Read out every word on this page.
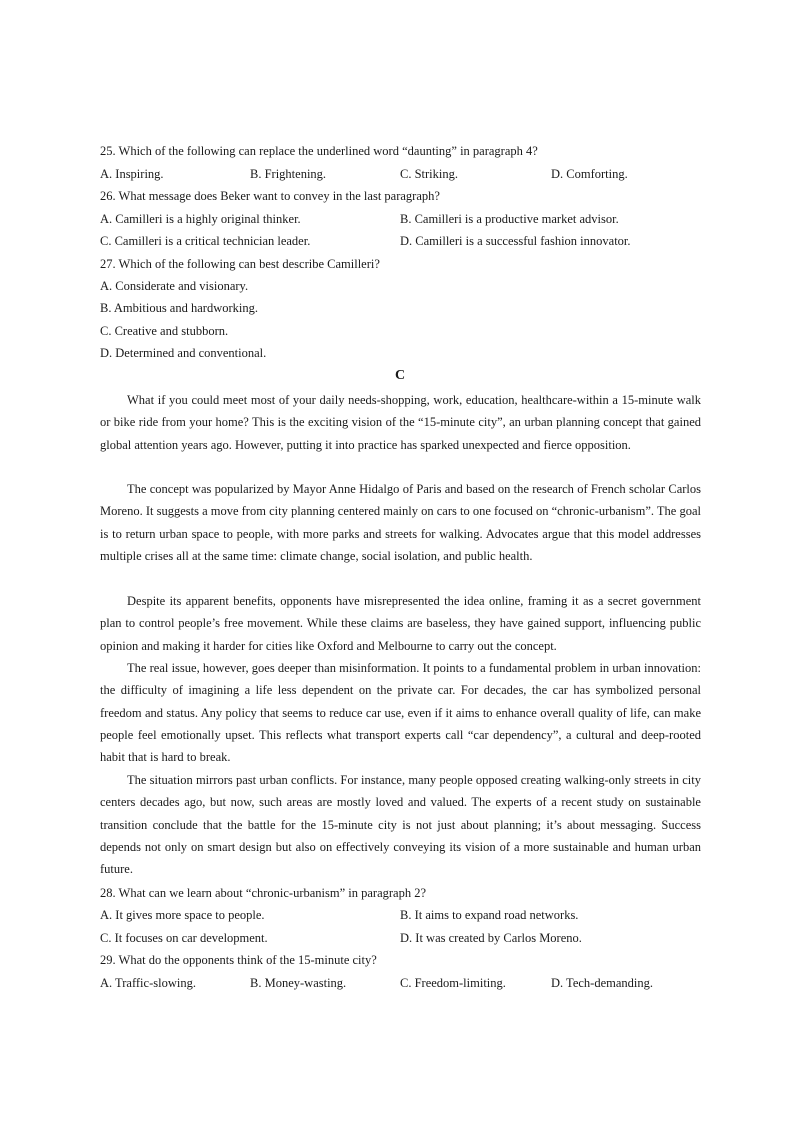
25. Which of the following can replace the underlined word “daunting” in paragraph 4?
A. Inspiring.	B. Frightening.	C. Striking.	D. Comforting.
26. What message does Beker want to convey in the last paragraph?
A. Camilleri is a highly original thinker.	B. Camilleri is a productive market advisor.
C. Camilleri is a critical technician leader.	D. Camilleri is a successful fashion innovator.
27. Which of the following can best describe Camilleri?
A. Considerate and visionary.
B. Ambitious and hardworking.
C. Creative and stubborn.
D. Determined and conventional.
C

What if you could meet most of your daily needs-shopping, work, education, healthcare-within a 15-minute walk or bike ride from your home? This is the exciting vision of the “15-minute city”, an urban planning concept that gained global attention years ago. However, putting it into practice has sparked unexpected and fierce opposition.

The concept was popularized by Mayor Anne Hidalgo of Paris and based on the research of French scholar Carlos Moreno. It suggests a move from city planning centered mainly on cars to one focused on “chronic-urbanism”. The goal is to return urban space to people, with more parks and streets for walking. Advocates argue that this model addresses multiple crises all at the same time: climate change, social isolation, and public health.

Despite its apparent benefits, opponents have misrepresented the idea online, framing it as a secret government plan to control people’s free movement. While these claims are baseless, they have gained support, influencing public opinion and making it harder for cities like Oxford and Melbourne to carry out the concept.

The real issue, however, goes deeper than misinformation. It points to a fundamental problem in urban innovation: the difficulty of imagining a life less dependent on the private car. For decades, the car has symbolized personal freedom and status. Any policy that seems to reduce car use, even if it aims to enhance overall quality of life, can make people feel emotionally upset. This reflects what transport experts call “car dependency”, a cultural and deep-rooted habit that is hard to break.

The situation mirrors past urban conflicts. For instance, many people opposed creating walking-only streets in city centers decades ago, but now, such areas are mostly loved and valued. The experts of a recent study on sustainable transition conclude that the battle for the 15-minute city is not just about planning; it’s about messaging. Success depends not only on smart design but also on effectively conveying its vision of a more sustainable and human urban future.

28. What can we learn about “chronic-urbanism” in paragraph 2?
A. It gives more space to people.	B. It aims to expand road networks.
C. It focuses on car development.	D. It was created by Carlos Moreno.
29. What do the opponents think of the 15-minute city?
A. Traffic-slowing.	B. Money-wasting.	C. Freedom-limiting.	D. Tech-demanding.
